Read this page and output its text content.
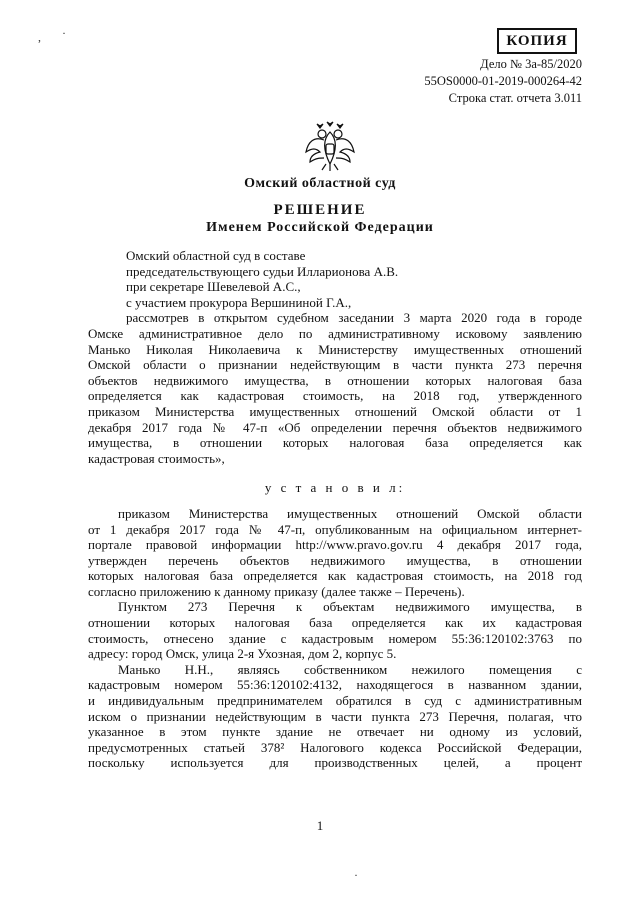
, ·	КОПИЯ
Дело № 3а-85/2020
55OS0000-01-2019-000264-42
Строка стат. отчета 3.011
Омский областной суд
РЕШЕНИЕ
Именем Российской Федерации
Омский областной суд в составе
председательствующего судьи Илларионова А.В.
при секретаре Шевелевой А.С.,
с участием прокурора Вершининой Г.А.,
рассмотрев в открытом судебном заседании 3 марта 2020 года в городе
Омске административное дело по административному исковому заявлению
Манько Николая Николаевича к Министерству имущественных отношений
Омской области о признании недействующим в части пункта 273 перечня
объектов недвижимого имущества, в отношении которых налоговая база
определяется как кадастровая стоимость, на 2018 год, утвержденного
приказом Министерства имущественных отношений Омской области от 1
декабря 2017 года № 47-п «Об определении перечня объектов недвижимого
имущества, в отношении которых налоговая база определяется как
кадастровая стоимость»,
у с т а н о в и л:
приказом Министерства имущественных отношений Омской области
от 1 декабря 2017 года № 47-п, опубликованным на официальном интернет-
портале правовой информации http://www.pravo.gov.ru 4 декабря 2017 года,
утвержден перечень объектов недвижимого имущества, в отношении
которых налоговая база определяется как кадастровая стоимость, на 2018 год
согласно приложению к данному приказу (далее также – Перечень).
Пунктом 273 Перечня к объектам недвижимого имущества, в
отношении которых налоговая база определяется как их кадастровая
стоимость, отнесено здание с кадастровым номером 55:36:120102:3763 по
адресу: город Омск, улица 2-я Ухозная, дом 2, корпус 5.
Манько Н.Н., являясь собственником нежилого помещения с
кадастровым номером 55:36:120102:4132, находящегося в названном здании,
и индивидуальным предпринимателем обратился в суд с административным
иском о признании недействующим в части пункта 273 Перечня, полагая, что
указанное в этом пункте здание не отвечает ни одному из условий,
предусмотренных статьей 378² Налогового кодекса Российской Федерации,
поскольку используется для производственных целей, а процент
1
·
